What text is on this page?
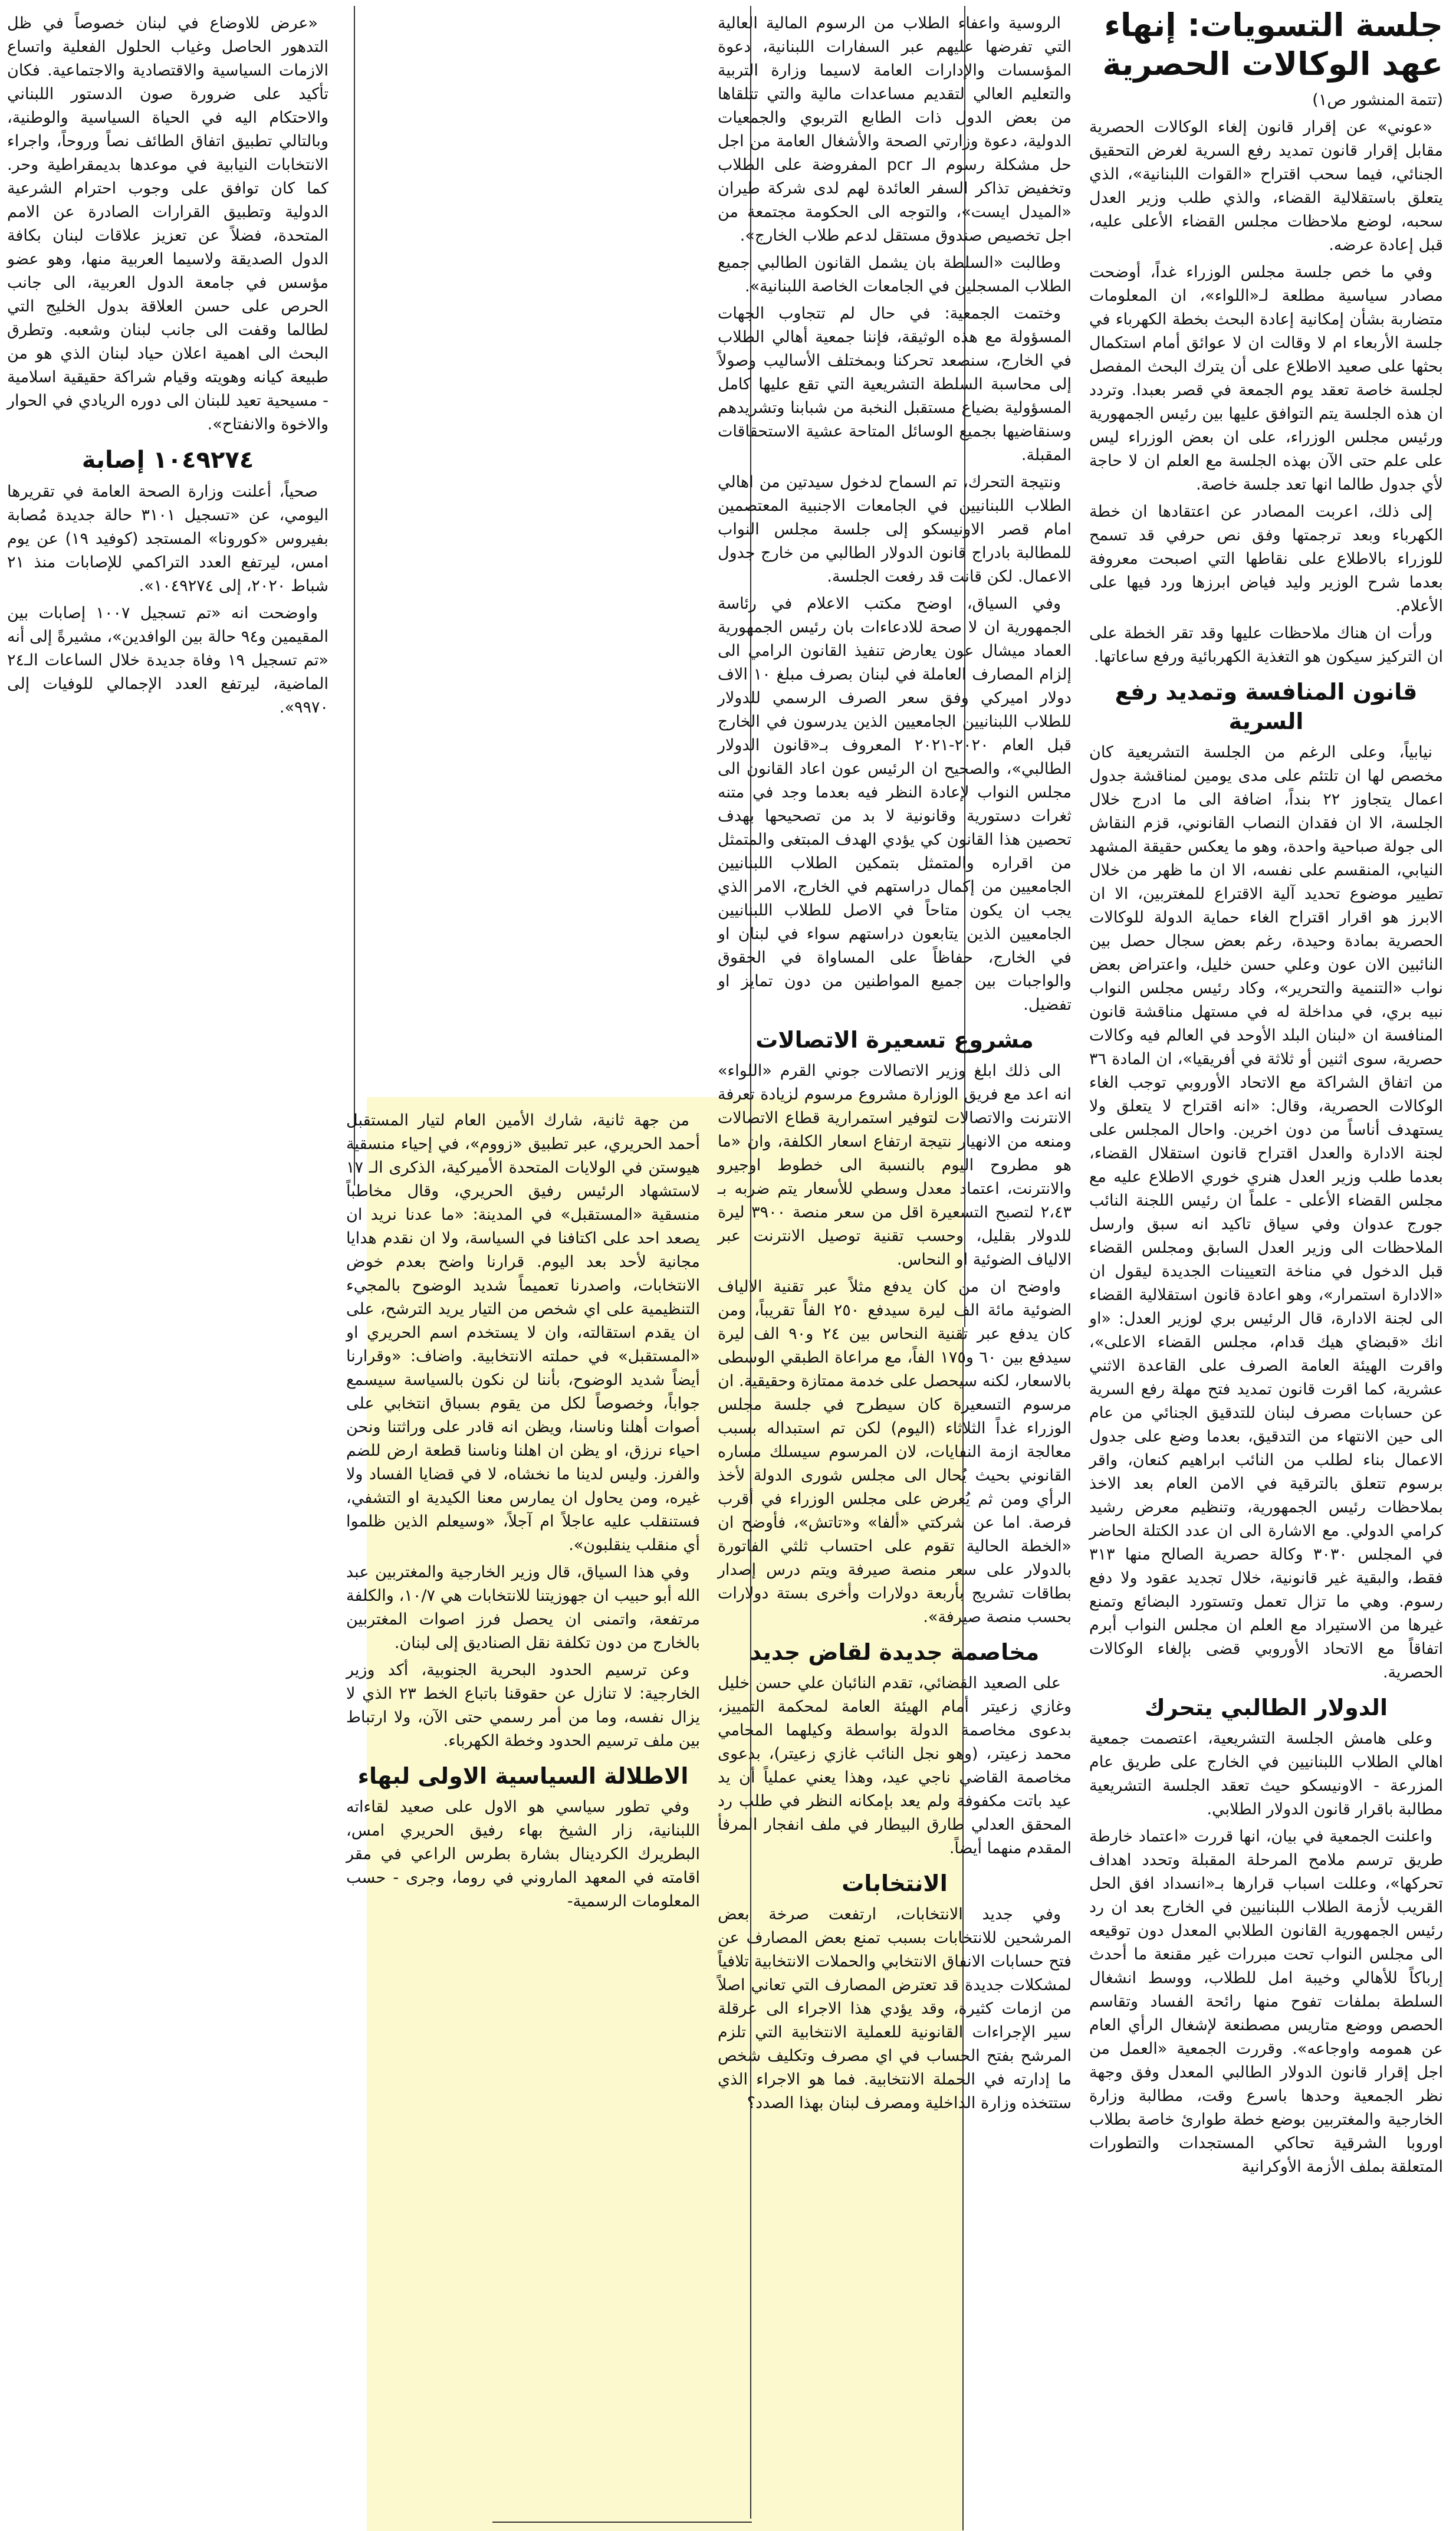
جلسة التسويات: إنهاء عهد الوكالات الحصرية
(تتمة المنشور ص١)

«عوني» عن إقرار قانون إلغاء الوكالات الحصرية مقابل إقرار قانون تمديد رفع السرية لغرض التحقيق الجنائي، فيما سحب اقتراح «القوات اللبنانية»، الذي يتعلق باستقلالية القضاء، والذي طلب وزير العدل سحبه، لوضع ملاحظات مجلس القضاء الأعلى عليه، قبل إعادة عرضه.

وفي ما خص جلسة مجلس الوزراء غداً، أوضحت مصادر سياسية مطلعة لـ«اللواء»، ان المعلومات متضاربة بشأن إمكانية إعادة البحث بخطة الكهرباء في جلسة الأربعاء ام لا وقالت ان لا عوائق أمام استكمال بحثها على صعيد الاطلاع على أن يترك البحث المفصل لجلسة خاصة تعقد يوم الجمعة في قصر بعبدا. وتردد ان هذه الجلسة يتم التوافق عليها بين رئيس الجمهورية ورئيس مجلس الوزراء، على ان بعض الوزراء ليس على علم حتى الآن بهذه الجلسة مع العلم ان لا حاجة لأي جدول طالما انها تعد جلسة خاصة.

إلى ذلك، اعربت المصادر عن اعتقادها ان خطة الكهرباء وبعد ترجمتها وفق نص حرفي قد تسمح للوزراء بالاطلاع على نقاطها التي اصبحت معروفة بعدما شرح الوزير وليد فياض ابرزها ورد فيها على الأعلام.

ورأت ان هناك ملاحظات عليها وقد تقر الخطة على ان التركيز سيكون هو التغذية الكهربائية ورفع ساعاتها.

قانون المنافسة وتمديد رفع السرية

نيابياً، وعلى الرغم من الجلسة التشريعية كان مخصص لها ان تلتئم على مدى يومين لمناقشة جدول اعمال يتجاوز ٢٢ بنداً، اضافة الى ما ادرج خلال الجلسة، الا ان فقدان النصاب القانوني، قزم النقاش الى جولة صباحية واحدة، وهو ما يعكس حقيقة المشهد النيابي، المنقسم على نفسه، الا ان ما ظهر من خلال تطيير موضوع تحديد آلية الاقتراع للمغتربين، الا ان الابرز هو اقرار اقتراح الغاء حماية الدولة للوكالات الحصرية بمادة وحيدة، رغم بعض سجال حصل بين النائبين الان عون وعلي حسن خليل، واعتراض بعض نواب «التنمية والتحرير»، وكاد رئيس مجلس النواب نبيه بري، في مداخلة له في مستهل مناقشة قانون المنافسة ان «لبنان البلد الأوحد في العالم فيه وكالات حصرية، سوى اثنين أو ثلاثة في أفريقيا»، ان المادة ٣٦ من اتفاق الشراكة مع الاتحاد الأوروبي توجب الغاء الوكالات الحصرية، وقال: «انه اقتراح لا يتعلق ولا يستهدف أناساً من دون اخرين. واحال المجلس على لجنة الادارة والعدل اقتراح قانون استقلال القضاء، بعدما طلب وزير العدل هنري خوري الاطلاع عليه مع مجلس القضاء الأعلى - علماً ان رئيس اللجنة النائب جورج عدوان وفي سياق تاكيد انه سبق وارسل الملاحظات الى وزير العدل السابق ومجلس القضاء قبل الدخول في مناخة التعيينات الجديدة ليقول ان «الادارة استمرار»، وهو اعادة قانون استقلالية القضاء الى لجنة الادارة، قال الرئيس بري لوزير العدل: «او انك «قبضاي هيك قدام، مجلس القضاء الاعلى»، واقرت الهيئة العامة الصرف على القاعدة الاثني عشرية، كما اقرت قانون تمديد فتح مهلة رفع السرية عن حسابات مصرف لبنان للتدقيق الجنائي من عام الى حين الانتهاء من التدقيق، بعدما وضع على جدول الاعمال بناء لطلب من النائب ابراهيم كنعان، واقر برسوم تتعلق بالترقية في الامن العام بعد الاخذ بملاحظات رئيس الجمهورية، وتنظيم معرض رشيد كرامي الدولي. مع الاشارة الى ان عدد الكتلة الحاضر في المجلس ٣٠٣٠ وكالة حصرية الصالح منها ٣١٣ فقط، والبقية غير قانونية، خلال تجديد عقود ولا دفع رسوم. وهي ما تزال تعمل وتستورد البضائع وتمنع غيرها من الاستيراد مع العلم ان مجلس النواب أبرم اتفاقاً مع الاتحاد الأوروبي قضى بإلغاء الوكالات الحصرية.

الدولار الطالبي يتحرك

وعلى هامش الجلسة التشريعية، اعتصمت جمعية اهالي الطلاب اللبنانيين في الخارج على طريق عام المزرعة - الاونيسكو حيث تعقد الجلسة التشريعية مطالبة باقرار قانون الدولار الطلابي.

واعلنت الجمعية في بيان، انها قررت «اعتماد خارطة طريق ترسم ملامح المرحلة المقبلة وتحدد اهداف تحركها»، وعللت اسباب قرارها بـ«انسداد افق الحل القريب لأزمة الطلاب اللبنانيين في الخارج بعد ان رد رئيس الجمهورية القانون الطلابي المعدل دون توقيعه الى مجلس النواب تحت مبررات غير مقنعة ما أحدث إرباكاً للأهالي وخيبة امل للطلاب، ووسط انشغال السلطة بملفات تفوح منها رائحة الفساد وتقاسم الحصص ووضع متاريس مصطنعة لإشغال الرأي العام عن همومه واوجاعه». وقررت الجمعية «العمل من اجل إقرار قانون الدولار الطالبي المعدل وفق وجهة نظر الجمعية وحدها باسرع وقت، مطالبة وزارة الخارجية والمغتربين بوضع خطة طوارئ خاصة بطلاب اوروبا الشرقية تحاكي المستجدات والتطورات المتعلقة بملف الأزمة الأوكرانية

الروسية واعفاء الطلاب من الرسوم المالية العالية التي تفرضها عليهم عبر السفارات اللبنانية، دعوة المؤسسات والإدارات العامة لاسيما وزارة التربية والتعليم العالي لتقديم مساعدات مالية والتي تتلقاها من بعض الدول ذات الطابع التربوي والجمعيات الدولية، دعوة وزارتي الصحة والأشغال العامة من اجل حل مشكلة رسوم الـ pcr المفروضة على الطلاب وتخفيض تذاكر السفر العائدة لهم لدى شركة طيران «الميدل ايست»، والتوجه الى الحكومة مجتمعة من اجل تخصيص صندوق مستقل لدعم طلاب الخارج».

وطالبت «السلطة بان يشمل القانون الطالبي جميع الطلاب المسجلين في الجامعات الخاصة اللبنانية».

وختمت الجمعية: في حال لم تتجاوب الجهات المسؤولة مع هذه الوثيقة، فإننا جمعية أهالي الطلاب في الخارج، سنصعد تحركنا وبمختلف الأساليب وصولاً إلى محاسبة السلطة التشريعية التي تقع عليها كامل المسؤولية بضياع مستقبل النخبة من شبابنا وتشريدهم وسنقاضيها بجميع الوسائل المتاحة عشية الاستحقاقات المقبلة.

ونتيجة التحرك، تم السماح لدخول سيدتين من اهالي الطلاب اللبنانيين في الجامعات الاجنبية المعتصمين امام قصر الاونيسكو إلى جلسة مجلس النواب للمطالبة بادراج قانون الدولار الطالبي من خارج جدول الاعمال. لكن قانت قد رفعت الجلسة.

وفي السياق، اوضح مكتب الاعلام في رئاسة الجمهورية ان لا صحة للادعاءات بان رئيس الجمهورية العماد ميشال عون يعارض تنفيذ القانون الرامي الى إلزام المصارف العاملة في لبنان بصرف مبلغ ١٠ الاف دولار اميركي وفق سعر الصرف الرسمي للدولار للطلاب اللبنانيين الجامعيين الذين يدرسون في الخارج قبل العام ٢٠٢٠-٢٠٢١ المعروف بـ«قانون الدولار الطالبي»، والصحيح ان الرئيس عون اعاد القانون الى مجلس النواب لإعادة النظر فيه بعدما وجد في متنه ثغرات دستورية وقانونية لا بد من تصحيحها بهدف تحصين هذا القانون كي يؤدي الهدف المبتغى والمتمثل من اقراره والمتمثل بتمكين الطلاب اللبنانيين الجامعيين من إكمال دراستهم في الخارج، الامر الذي يجب ان يكون متاحاً في الاصل للطلاب اللبنانيين الجامعيين الذين يتابعون دراستهم سواء في لبنان او في الخارج، حفاظاً على المساواة في الحقوق والواجبات بين جميع المواطنين من دون تمايز او تفضيل.

مشروع تسعيرة الاتصالات

الى ذلك ابلغ وزير الاتصالات جوني القرم «اللواء» انه اعد مع فريق الوزارة مشروع مرسوم لزيادة تعرفة الانترنت والاتصالات لتوفير استمرارية قطاع الاتصالات ومنعه من الانهيار نتيجة ارتفاع اسعار الكلفة، وان «ما هو مطروح اليوم بالنسبة الى خطوط اوجيرو والانترنت، اعتماد معدل وسطي للأسعار يتم ضربه بـ ٢،٤٣ لتصبح التسعيرة اقل من سعر منصة ٣٩٠٠ ليرة للدولار بقليل، وحسب تقنية توصيل الانترنت عبر الالياف الضوئية او النحاس.

واوضح ان من كان يدفع مثلاً عبر تقنية الالياف الضوئية مائة الف ليرة سيدفع ٢٥٠ الفاً تقريباً، ومن كان يدفع عبر تقنية النحاس بين ٢٤ و٩٠ الف ليرة سيدفع بين ٦٠ و١٧٥ الفاً، مع مراعاة الطبقي الوسطى بالاسعار، لكنه سيحصل على خدمة ممتازة وحقيقية. ان مرسوم التسعيرة كان سيطرح في جلسة مجلس الوزراء غداً الثلاثاء (اليوم) لكن تم استبداله بسبب معالجة ازمة النفايات، لان المرسوم سيسلك مساره القانوني بحيث يُحال الى مجلس شورى الدولة لأخذ الرأي ومن ثم يُعرض على مجلس الوزراء في أقرب فرصة. اما عن شركتي «ألفا» و«تاتش»، فأوضح ان «الخطة الحالية تقوم على احتساب ثلثي الفاتورة بالدولار على سعر منصة صيرفة ويتم درس إصدار بطاقات تشريج بأربعة دولارات وأخرى بستة دولارات بحسب منصة صيرفة».

مخاصمة جديدة لقاض جديد

على الصعيد القضائي، تقدم النائبان علي حسن خليل وغازي زعيتر أمام الهيئة العامة لمحكمة التمييز، بدعوى مخاصمة الدولة بواسطة وكيلهما المحامي محمد زعيتر، (وهو نجل النائب غازي زعيتر)، بدعوى مخاصمة القاضي ناجي عيد، وهذا يعني عملياً أن يد عيد باتت مكفوفة ولم يعد بإمكانه النظر في طلب رد المحقق العدلي طارق البيطار في ملف انفجار المرفأ المقدم منهما أيضاً.

الانتخابات

وفي جديد الانتخابات، ارتفعت صرخة بعض المرشحين للانتخابات بسبب تمنع بعض المصارف عن فتح حسابات الانفاق الانتخابي والحملات الانتخابية تلافياً لمشكلات جديدة قد تعترض المصارف التي تعاني اصلاً من ازمات كثيرة، وقد يؤدي هذا الاجراء الى عرقلة سير الإجراءات القانونية للعملية الانتخابية التي تلزم المرشح بفتح الحساب في اي مصرف وتكليف شخص ما إدارته في الحملة الانتخابية. فما هو الاجراء الذي ستتخذه وزارة الداخلية ومصرف لبنان بهذا الصدد؟

من جهة ثانية، شارك الأمين العام لتيار المستقبل أحمد الحريري، عبر تطبيق «زووم»، في إحياء منسقية هيوستن في الولايات المتحدة الأميركية، الذكرى الـ ١٧ لاستشهاد الرئيس رفيق الحريري، وقال مخاطباً منسقية «المستقبل» في المدينة: «ما عدنا نريد ان يصعد احد على اكتافنا في السياسة، ولا ان نقدم هدايا مجانية لأحد بعد اليوم. قرارنا واضح بعدم خوض الانتخابات، واصدرنا تعميماً شديد الوضوح بالمجيء التنظيمية على اي شخص من التيار يريد الترشح، على ان يقدم استقالته، وان لا يستخدم اسم الحريري او «المستقبل» في حملته الانتخابية. واضاف: «وقرارنا أيضاً شديد الوضوح، بأننا لن نكون بالسياسة سيسمع جواباً، وخصوصاً لكل من يقوم بسباق انتخابي على أصوات أهلنا وناسنا، ويظن انه قادر على وراثتنا ونحن احياء نرزق، او يظن ان اهلنا وناسنا قطعة ارض للضم والفرز. وليس لدينا ما نخشاه، لا في قضايا الفساد ولا غيره، ومن يحاول ان يمارس معنا الكيدية او التشفي، فستنقلب عليه عاجلاً ام آجلاً، «وسيعلم الذين ظلموا أي منقلب ينقلبون».

وفي هذا السياق، قال وزير الخارجية والمغتربين عبد الله أبو حبيب ان جهوزيتنا للانتخابات هي ١٠/٧، والكلفة مرتفعة، واتمنى ان يحصل فرز اصوات المغتربين بالخارج من دون تكلفة نقل الصناديق إلى لبنان.

وعن ترسيم الحدود البحرية الجنوبية، أكد وزير الخارجية: لا تنازل عن حقوقنا باتباع الخط ٢٣ الذي لا يزال نفسه، وما من أمر رسمي حتى الآن، ولا ارتباط بين ملف ترسيم الحدود وخطة الكهرباء.

الاطلالة السياسية الاولى لبهاء

وفي تطور سياسي هو الاول على صعيد لقاءاته اللبنانية، زار الشيخ بهاء رفيق الحريري امس، البطريرك الكردينال بشارة بطرس الراعي في مقر اقامته في المعهد الماروني في روما، وجرى - حسب المعلومات الرسمية-

«عرض للاوضاع في لبنان خصوصاً في ظل التدهور الحاصل وغياب الحلول الفعلية واتساع الازمات السياسية والاقتصادية والاجتماعية. فكان تأكيد على ضرورة صون الدستور اللبناني والاحتكام اليه في الحياة السياسية والوطنية، وبالتالي تطبيق اتفاق الطائف نصاً وروحاً، واجراء الانتخابات النيابية في موعدها بديمقراطية وحر. كما كان توافق على وجوب احترام الشرعية الدولية وتطبيق القرارات الصادرة عن الامم المتحدة، فضلاً عن تعزيز علاقات لبنان بكافة الدول الصديقة ولاسيما العربية منها، وهو عضو مؤسس في جامعة الدول العربية، الى جانب الحرص على حسن العلاقة بدول الخليج التي لطالما وقفت الى جانب لبنان وشعبه. وتطرق البحث الى اهمية اعلان حياد لبنان الذي هو من طبيعة كيانه وهويته وقيام شراكة حقيقية اسلامية - مسيحية تعيد للبنان الى دوره الريادي في الحوار والاخوة والانفتاح».

١٠٤٩٢٧٤ إصابة

صحياً، أعلنت وزارة الصحة العامة في تقريرها اليومي، عن «تسجيل ٣١٠١ حالة جديدة مُصابة بفيروس «كورونا» المستجد (كوفيد ١٩) عن يوم امس، ليرتفع العدد التراكمي للإصابات منذ ٢١ شباط ٢٠٢٠، إلى ١٠٤٩٢٧٤».

واوضحت انه «تم تسجيل ١٠٠٧ إصابات بين المقيمين و٩٤ حالة بين الوافدين»، مشيرةً إلى أنه «تم تسجيل ١٩ وفاة جديدة خلال الساعات الـ٢٤ الماضية، ليرتفع العدد الإجمالي للوفيات إلى ٩٩٧٠».
